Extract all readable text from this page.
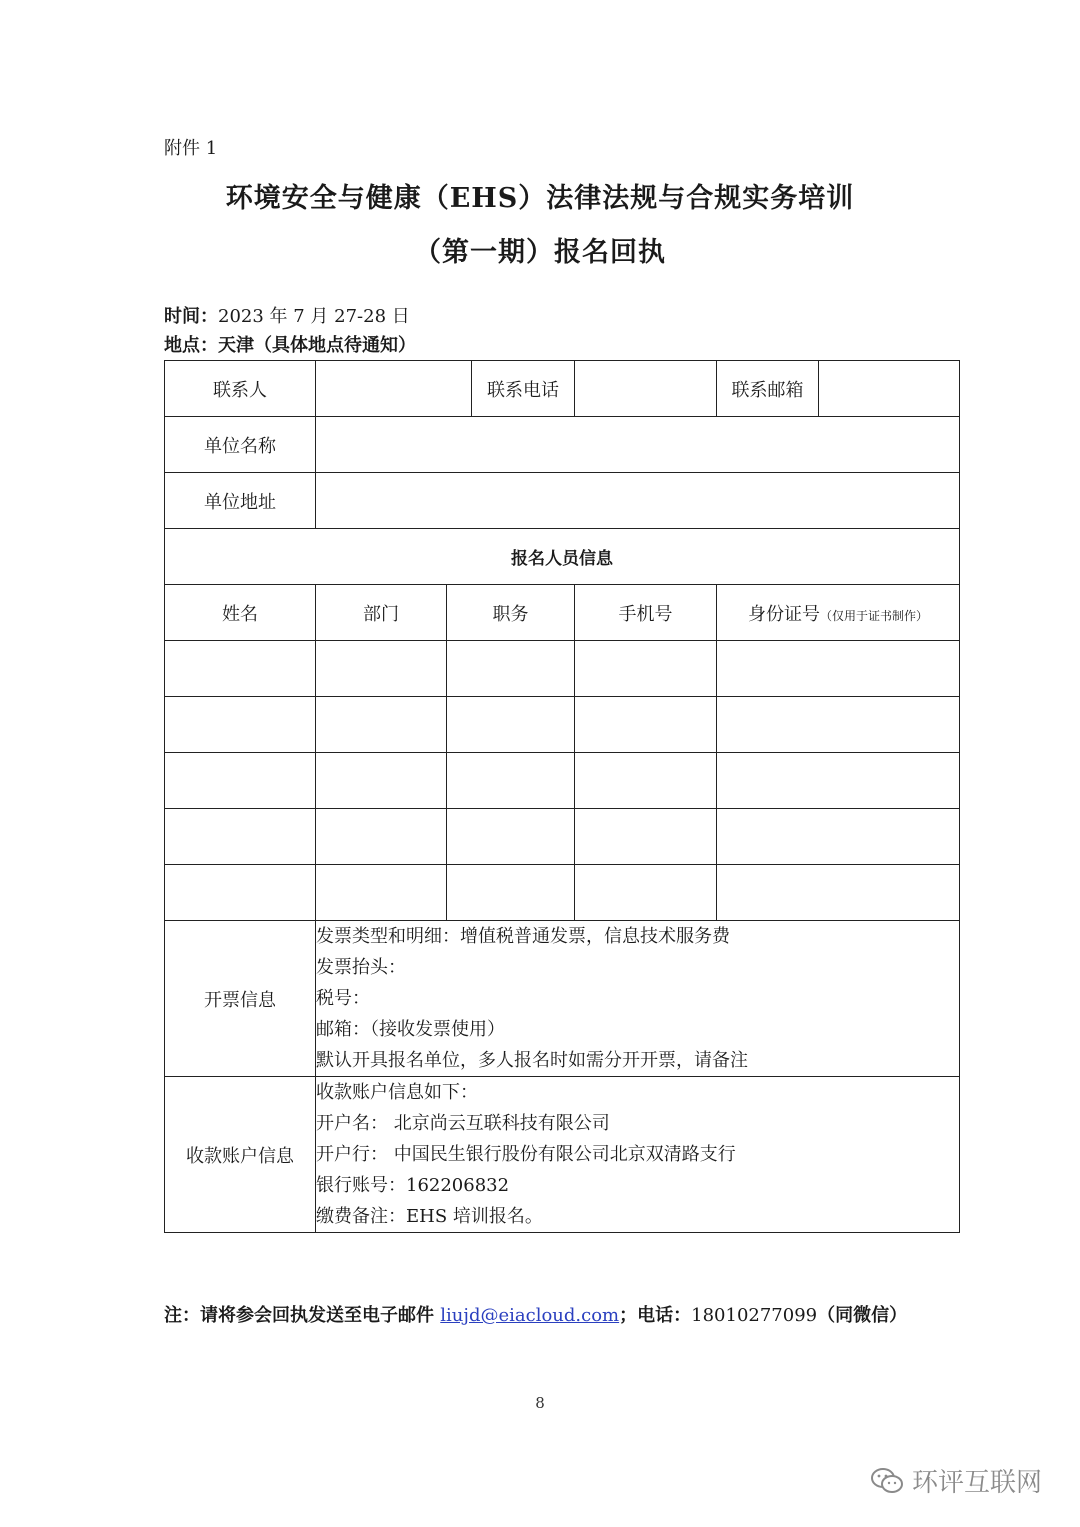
附件 1
环境安全与健康（EHS）法律法规与合规实务培训
（第一期）报名回执
时间：2023 年 7 月 27-28 日
地点：天津（具体地点待通知）
联系人			联系电话		联系邮箱	
单位名称						
单位地址						
报名人员信息						
姓名	部门	职务		手机号	身份证号（仅用于证书制作）	

开票信息	发票类型和明细：增值税普通发票，信息技术服务费
发票抬头：
税号：
邮箱：（接收发票使用）
默认开具报名单位，多人报名时如需分开开票，请备注					

收款账户信息	收款账户信息如下：
开户名： 北京尚云互联科技有限公司
开户行： 中国民生银行股份有限公司北京双清路支行
银行账号：162206832
缴费备注：EHS 培训报名。					
注：请将参会回执发送至电子邮件 liujd@eiacloud.com；电话：18010277099（同微信）
8
环评互联网
